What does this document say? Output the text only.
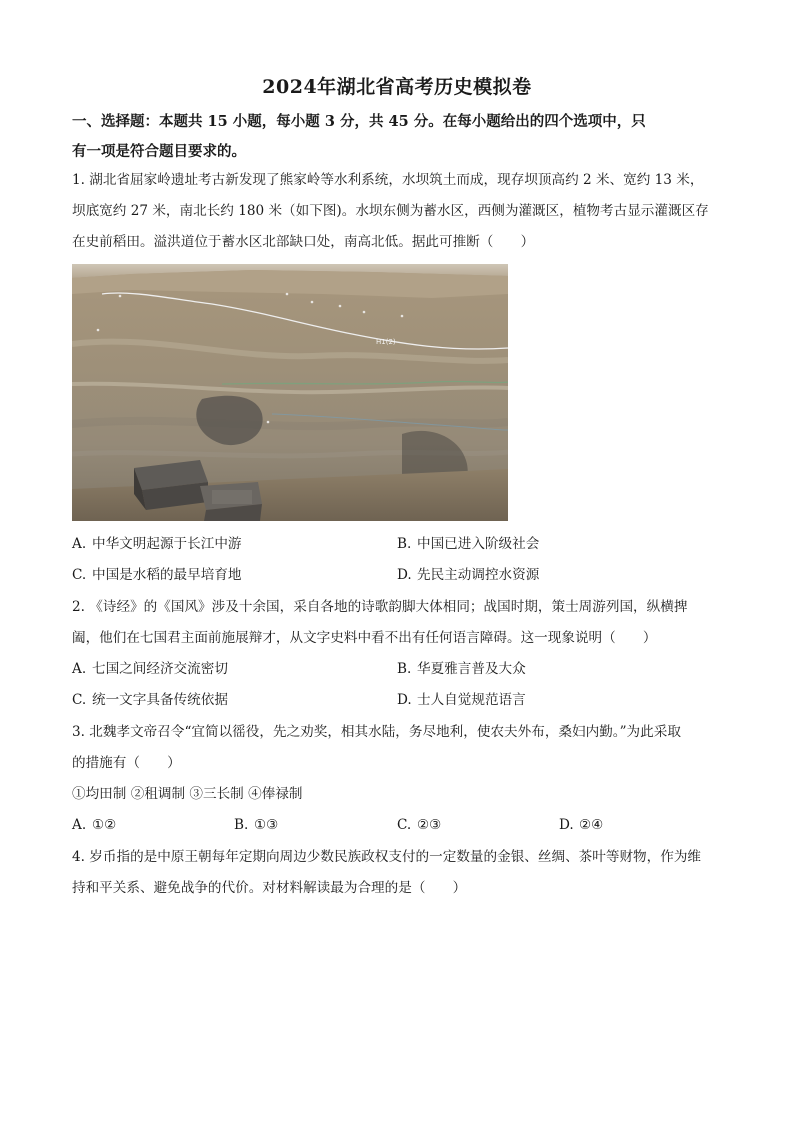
2024年湖北省高考历史模拟卷
一、选择题：本题共 15 小题，每小题 3 分，共 45 分。在每小题给出的四个选项中，只
有一项是符合题目要求的。
1. 湖北省屈家岭遗址考古新发现了熊家岭等水利系统，水坝筑土而成，现存坝顶高约 2 米、宽约 13 米，
坝底宽约 27 米，南北长约 180 米（如下图)。水坝东侧为蓄水区，西侧为灌溉区，植物考古显示灌溉区存
在史前稻田。溢洪道位于蓄水区北部缺口处，南高北低。据此可推断（　　）
H1(2)
A. 中华文明起源于长江中游	B. 中国已进入阶级社会
C. 中国是水稻的最早培育地	D. 先民主动调控水资源
2. 《诗经》的《国风》涉及十余国，采自各地的诗歌韵脚大体相同；战国时期，策士周游列国，纵横捭
阖，他们在七国君主面前施展辩才，从文字史料中看不出有任何语言障碍。这一现象说明（　　）
A. 七国之间经济交流密切	B. 华夏雅言普及大众
C. 统一文字具备传统依据	D. 士人自觉规范语言
3. 北魏孝文帝召令“宜简以徭役，先之劝奖，相其水陆，务尽地利，使农夫外布，桑妇内勤。”为此采取
的措施有（　　）
①均田制 ②租调制 ③三长制 ④俸禄制
A. ①②	B. ①③	C. ②③	D. ②④
4. 岁币指的是中原王朝每年定期向周边少数民族政权支付的一定数量的金银、丝绸、茶叶等财物，作为维
持和平关系、避免战争的代价。对材料解读最为合理的是（　　）
